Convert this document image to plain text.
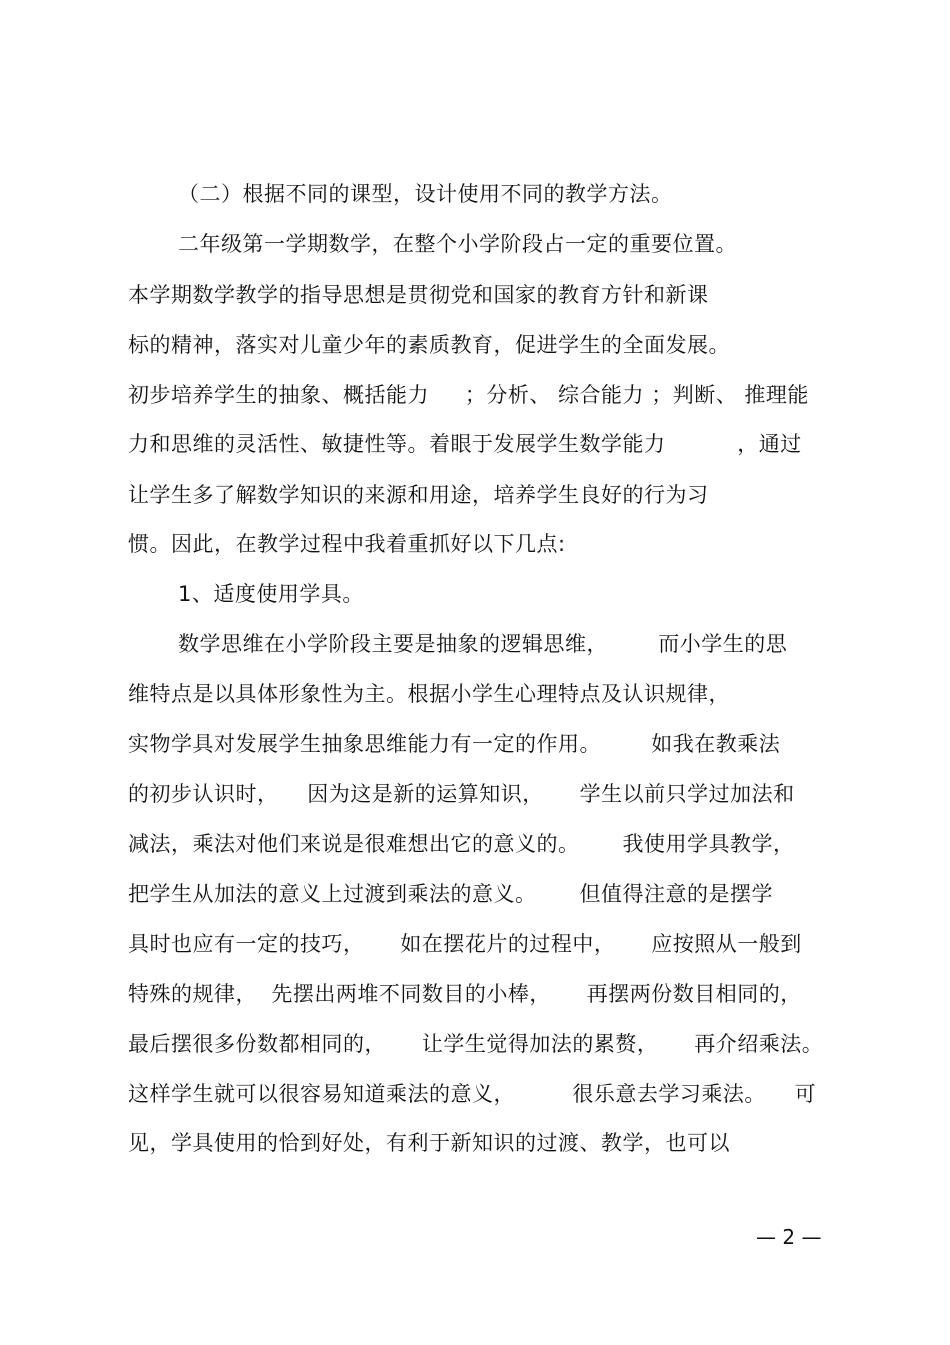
（二）根据不同的课型，设计使用不同的教学方法。
二年级第一学期数学，在整个小学阶段占一定的重要位置。
本学期数学教学的指导思想是贯彻党和国家的教育方针和新课
标的精神，落实对儿童少年的素质教育，促进学生的全面发展。
初步培养学生的抽象、概括能力     ；分析、 综合能力 ；判断、 推理能
力和思维的灵活性、敏捷性等。着眼于发展学生数学能力          ，通过
让学生多了解数学知识的来源和用途，培养学生良好的行为习
惯。因此，在教学过程中我着重抓好以下几点:
1、适度使用学具。
数学思维在小学阶段主要是抽象的逻辑思维，       而小学生的思
维特点是以具体形象性为主。根据小学生心理特点及认识规律，
实物学具对发展学生抽象思维能力有一定的作用。       如我在教乘法
的初步认识时，    因为这是新的运算知识，     学生以前只学过加法和
减法，乘法对他们来说是很难想出它的意义的。      我使用学具教学，
把学生从加法的意义上过渡到乘法的意义。      但值得注意的是摆学
具时也应有一定的技巧，     如在摆花片的过程中，     应按照从一般到
特殊的规律，  先摆出两堆不同数目的小棒，     再摆两份数目相同的，
最后摆很多份数都相同的，     让学生觉得加法的累赘，     再介绍乘法。
这样学生就可以很容易知道乘法的意义，        很乐意去学习乘法。    可
见，学具使用的恰到好处，有利于新知识的过渡、教学，也可以
— 2 —
